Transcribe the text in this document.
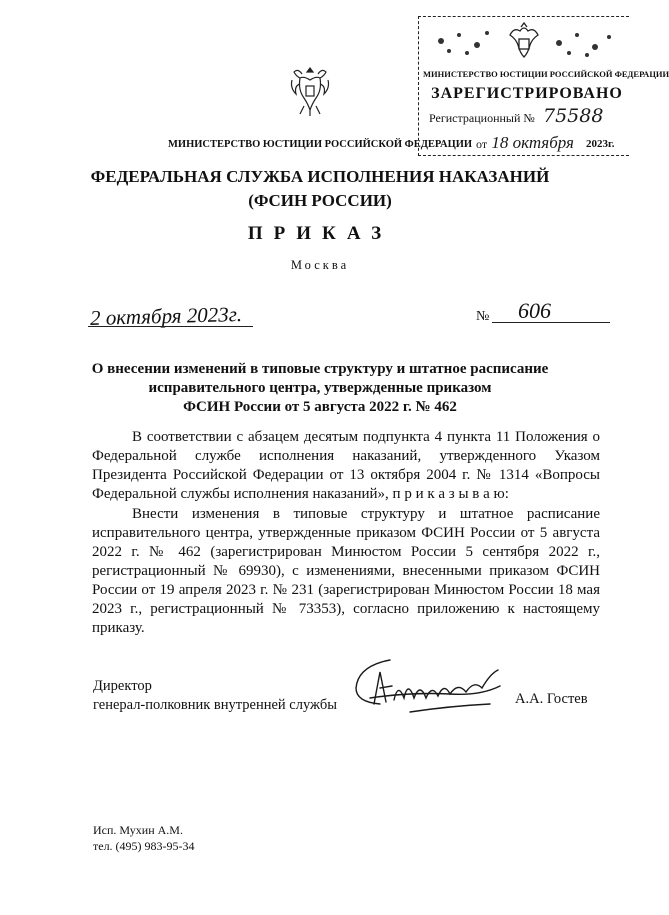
МИНИСТЕРСТВО ЮСТИЦИИ РОССИЙСКОЙ ФЕДЕРАЦИИ
ЗАРЕГИСТРИРОВАНО
Регистрационный № 75588
от 18 октября 2023г.
МИНИСТЕРСТВО ЮСТИЦИИ РОССИЙСКОЙ ФЕДЕРАЦИИ
ФЕДЕРАЛЬНАЯ СЛУЖБА ИСПОЛНЕНИЯ НАКАЗАНИЙ
(ФСИН РОССИИ)
ПРИКАЗ
Москва
2 октября 2023г.	№ 606
О внесении изменений в типовые структуру и штатное расписание
исправительного центра, утвержденные приказом
ФСИН России от 5 августа 2022 г. № 462
В соответствии с абзацем десятым подпункта 4 пункта 11 Положения о Федеральной службе исполнения наказаний, утвержденного Указом Президента Российской Федерации от 13 октября 2004 г. № 1314 «Вопросы Федеральной службы исполнения наказаний», п р и к а з ы в а ю:
Внести изменения в типовые структуру и штатное расписание исправительного центра, утвержденные приказом ФСИН России от 5 августа 2022 г. № 462 (зарегистрирован Минюстом России 5 сентября 2022 г., регистрационный № 69930), с изменениями, внесенными приказом ФСИН России от 19 апреля 2023 г. № 231 (зарегистрирован Минюстом России 18 мая 2023 г., регистрационный № 73353), согласно приложению к настоящему приказу.
Директор
генерал-полковник внутренней службы	А.А. Гостев
Исп. Мухин А.М.
тел. (495) 983-95-34
